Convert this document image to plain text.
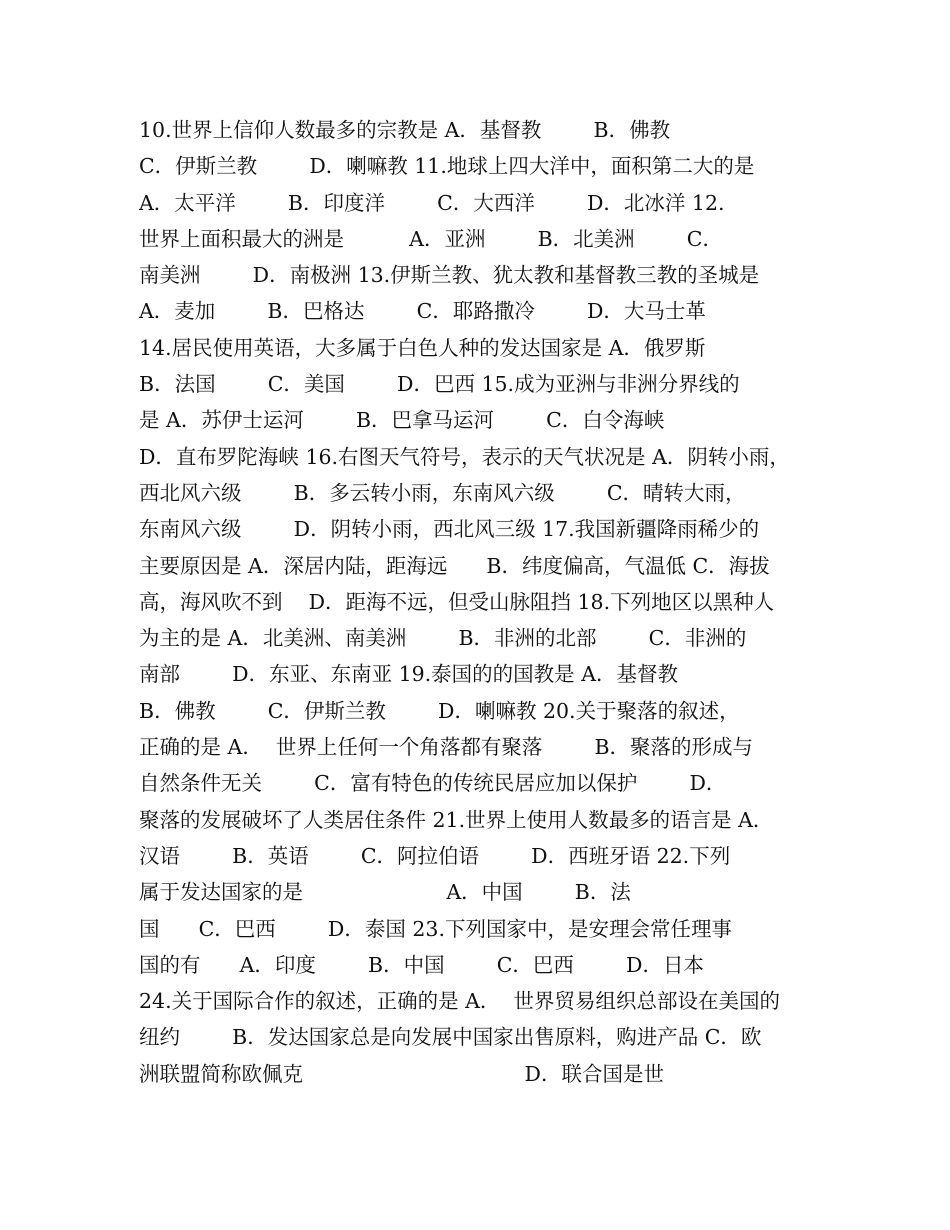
10.世界上信仰人数最多的宗教是 A．基督教        B．佛教
C．伊斯兰教        D．喇嘛教 11.地球上四大洋中，面积第二大的是
A．太平洋        B．印度洋        C．大西洋        D．北冰洋 12.
世界上面积最大的洲是          A．亚洲        B．北美洲        C．
南美洲        D．南极洲 13.伊斯兰教、犹太教和基督教三教的圣城是
A．麦加        B．巴格达        C．耶路撒冷        D．大马士革
14.居民使用英语，大多属于白色人种的发达国家是 A．俄罗斯
B．法国        C．美国        D．巴西 15.成为亚洲与非洲分界线的
是 A．苏伊士运河        B．巴拿马运河        C．白令海峡
D．直布罗陀海峡 16.右图天气符号，表示的天气状况是 A．阴转小雨，
西北风六级        B．多云转小雨，东南风六级        C．晴转大雨，
东南风六级        D．阴转小雨，西北风三级 17.我国新疆降雨稀少的
主要原因是 A．深居内陆，距海远      B．纬度偏高，气温低 C．海拔
高，海风吹不到    D．距海不远，但受山脉阻挡 18.下列地区以黑种人
为主的是 A．北美洲、南美洲        B．非洲的北部        C．非洲的
南部        D．东亚、东南亚 19.泰国的的国教是 A．基督教
B．佛教        C．伊斯兰教        D．喇嘛教 20.关于聚落的叙述，
正确的是 A．  世界上任何一个角落都有聚落        B．聚落的形成与
自然条件无关        C．富有特色的传统民居应加以保护        D．
聚落的发展破坏了人类居住条件 21.世界上使用人数最多的语言是 A．
汉语        B．英语        C．阿拉伯语        D．西班牙语 22.下列
属于发达国家的是                      A．中国        B．法
国      C．巴西        D．泰国 23.下列国家中，是安理会常任理事
国的有      A．印度        B．中国        C．巴西        D．日本
24.关于国际合作的叙述，正确的是 A．  世界贸易组织总部设在美国的
纽约        B．发达国家总是向发展中国家出售原料，购进产品 C．欧
洲联盟简称欧佩克                                  D．联合国是世
